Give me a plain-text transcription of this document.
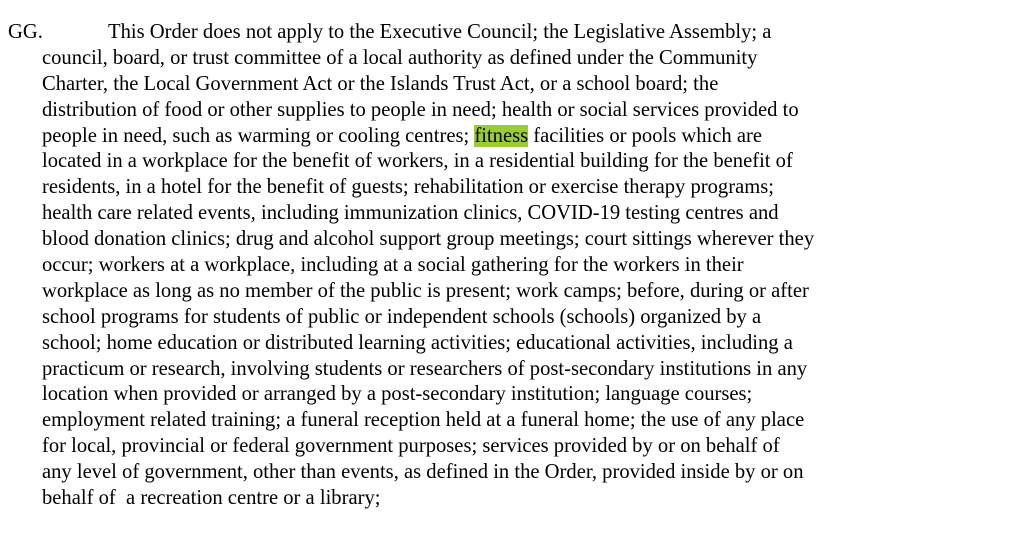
GG.	This Order does not apply to the Executive Council; the Legislative Assembly; a
council, board, or trust committee of a local authority as defined under the Community
Charter, the Local Government Act or the Islands Trust Act, or a school board; the
distribution of food or other supplies to people in need; health or social services provided to
people in need, such as warming or cooling centres; fitness facilities or pools which are
located in a workplace for the benefit of workers, in a residential building for the benefit of
residents, in a hotel for the benefit of guests; rehabilitation or exercise therapy programs;
health care related events, including immunization clinics, COVID-19 testing centres and
blood donation clinics; drug and alcohol support group meetings; court sittings wherever they
occur; workers at a workplace, including at a social gathering for the workers in their
workplace as long as no member of the public is present; work camps; before, during or after
school programs for students of public or independent schools (schools) organized by a
school; home education or distributed learning activities; educational activities, including a
practicum or research, involving students or researchers of post-secondary institutions in any
location when provided or arranged by a post-secondary institution; language courses;
employment related training; a funeral reception held at a funeral home; the use of any place
for local, provincial or federal government purposes; services provided by or on behalf of
any level of government, other than events, as defined in the Order, provided inside by or on
behalf of  a recreation centre or a library;
